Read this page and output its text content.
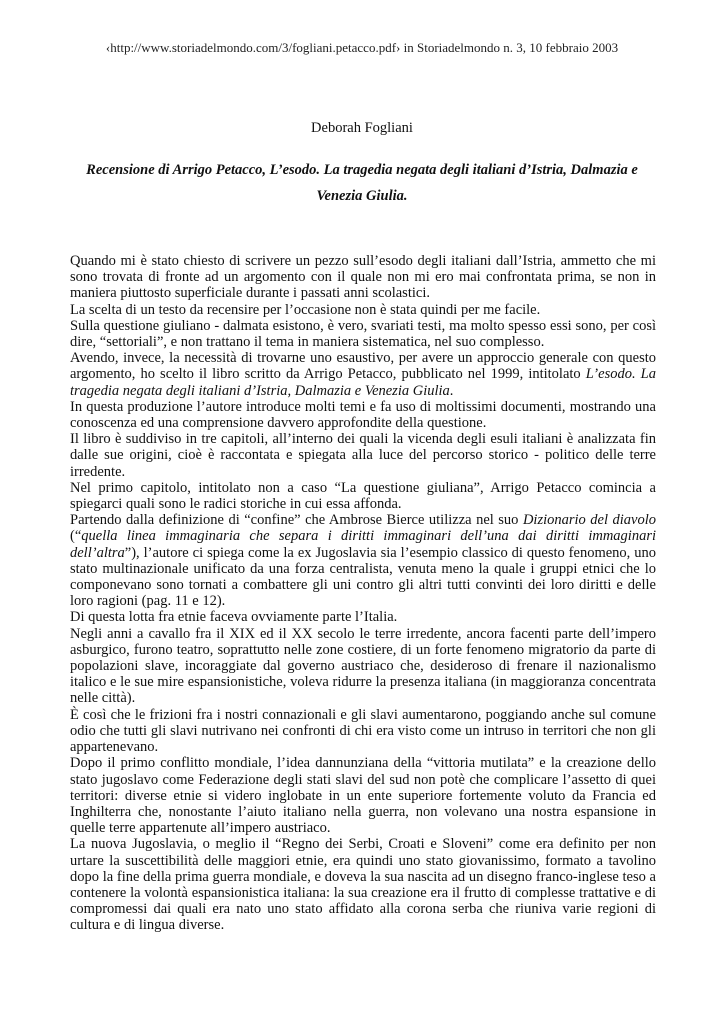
‹http://www.storiadelmondo.com/3/fogliani.petacco.pdf› in Storiadelmondo n. 3, 10 febbraio 2003
Deborah Fogliani
Recensione di Arrigo Petacco, L’esodo. La tragedia negata degli italiani d’Istria, Dalmazia e Venezia Giulia.

Quando mi è stato chiesto di scrivere un pezzo sull’esodo degli italiani dall’Istria, ammetto che mi sono trovata di fronte ad un argomento con il quale non mi ero mai confrontata prima, se non in maniera piuttosto superficiale durante i passati anni scolastici.

La scelta di un testo da recensire per l’occasione non è stata quindi per me facile.

Sulla questione giuliano - dalmata esistono, è vero, svariati testi, ma molto spesso essi sono, per così dire, “settoriali”, e non trattano il tema in maniera sistematica, nel suo complesso.

Avendo, invece, la necessità di trovarne uno esaustivo, per avere un approccio generale con questo argomento, ho scelto il libro scritto da Arrigo Petacco, pubblicato nel 1999, intitolato L’esodo. La tragedia negata degli italiani d’Istria, Dalmazia e Venezia Giulia.

In questa produzione l’autore introduce molti temi e fa uso di moltissimi documenti, mostrando una conoscenza ed una comprensione davvero approfondite della questione.

Il libro è suddiviso in tre capitoli, all’interno dei quali la vicenda degli esuli italiani è analizzata fin dalle sue origini, cioè è raccontata e spiegata alla luce del percorso storico - politico delle terre irredente.

Nel primo capitolo, intitolato non a caso “La questione giuliana”, Arrigo Petacco comincia a spiegarci quali sono le radici storiche in cui essa affonda.

Partendo dalla definizione di “confine” che Ambrose Bierce utilizza nel suo Dizionario del diavolo (“quella linea immaginaria che separa i diritti immaginari dell’una dai diritti immaginari dell’altra”), l’autore ci spiega come la ex Jugoslavia sia l’esempio classico di questo fenomeno, uno stato multinazionale unificato da una forza centralista, venuta meno la quale i gruppi etnici che lo componevano sono tornati a combattere gli uni contro gli altri tutti convinti dei loro diritti e delle loro ragioni (pag. 11 e 12).

Di questa lotta fra etnie faceva ovviamente parte l’Italia.

Negli anni a cavallo fra il XIX ed il XX secolo le terre irredente, ancora facenti parte dell’impero asburgico, furono teatro, soprattutto nelle zone costiere, di un forte fenomeno migratorio da parte di popolazioni slave, incoraggiate dal governo austriaco che, desideroso di frenare il nazionalismo italico e le sue mire espansionistiche, voleva ridurre la presenza italiana (in maggioranza concentrata nelle città).

È così che le frizioni fra i nostri connazionali e gli slavi aumentarono, poggiando anche sul comune odio che tutti gli slavi nutrivano nei confronti di chi era visto come un intruso in territori che non gli appartenevano.

Dopo il primo conflitto mondiale, l’idea dannunziana della “vittoria mutilata” e la creazione dello stato jugoslavo come Federazione degli stati slavi del sud non potè che complicare l’assetto di quei territori: diverse etnie si videro inglobate in un ente superiore fortemente voluto da Francia ed Inghilterra che, nonostante l’aiuto italiano nella guerra, non volevano una nostra espansione in quelle terre appartenute all’impero austriaco.

La nuova Jugoslavia, o meglio il “Regno dei Serbi, Croati e Sloveni” come era definito per non urtare la suscettibilità delle maggiori etnie, era quindi uno stato giovanissimo, formato a tavolino dopo la fine della prima guerra mondiale, e doveva la sua nascita ad un disegno franco-inglese teso a contenere la volontà espansionistica italiana: la sua creazione era il frutto di complesse trattative e di compromessi dai quali era nato uno stato affidato alla corona serba che riuniva varie regioni di cultura e di lingua diverse.
